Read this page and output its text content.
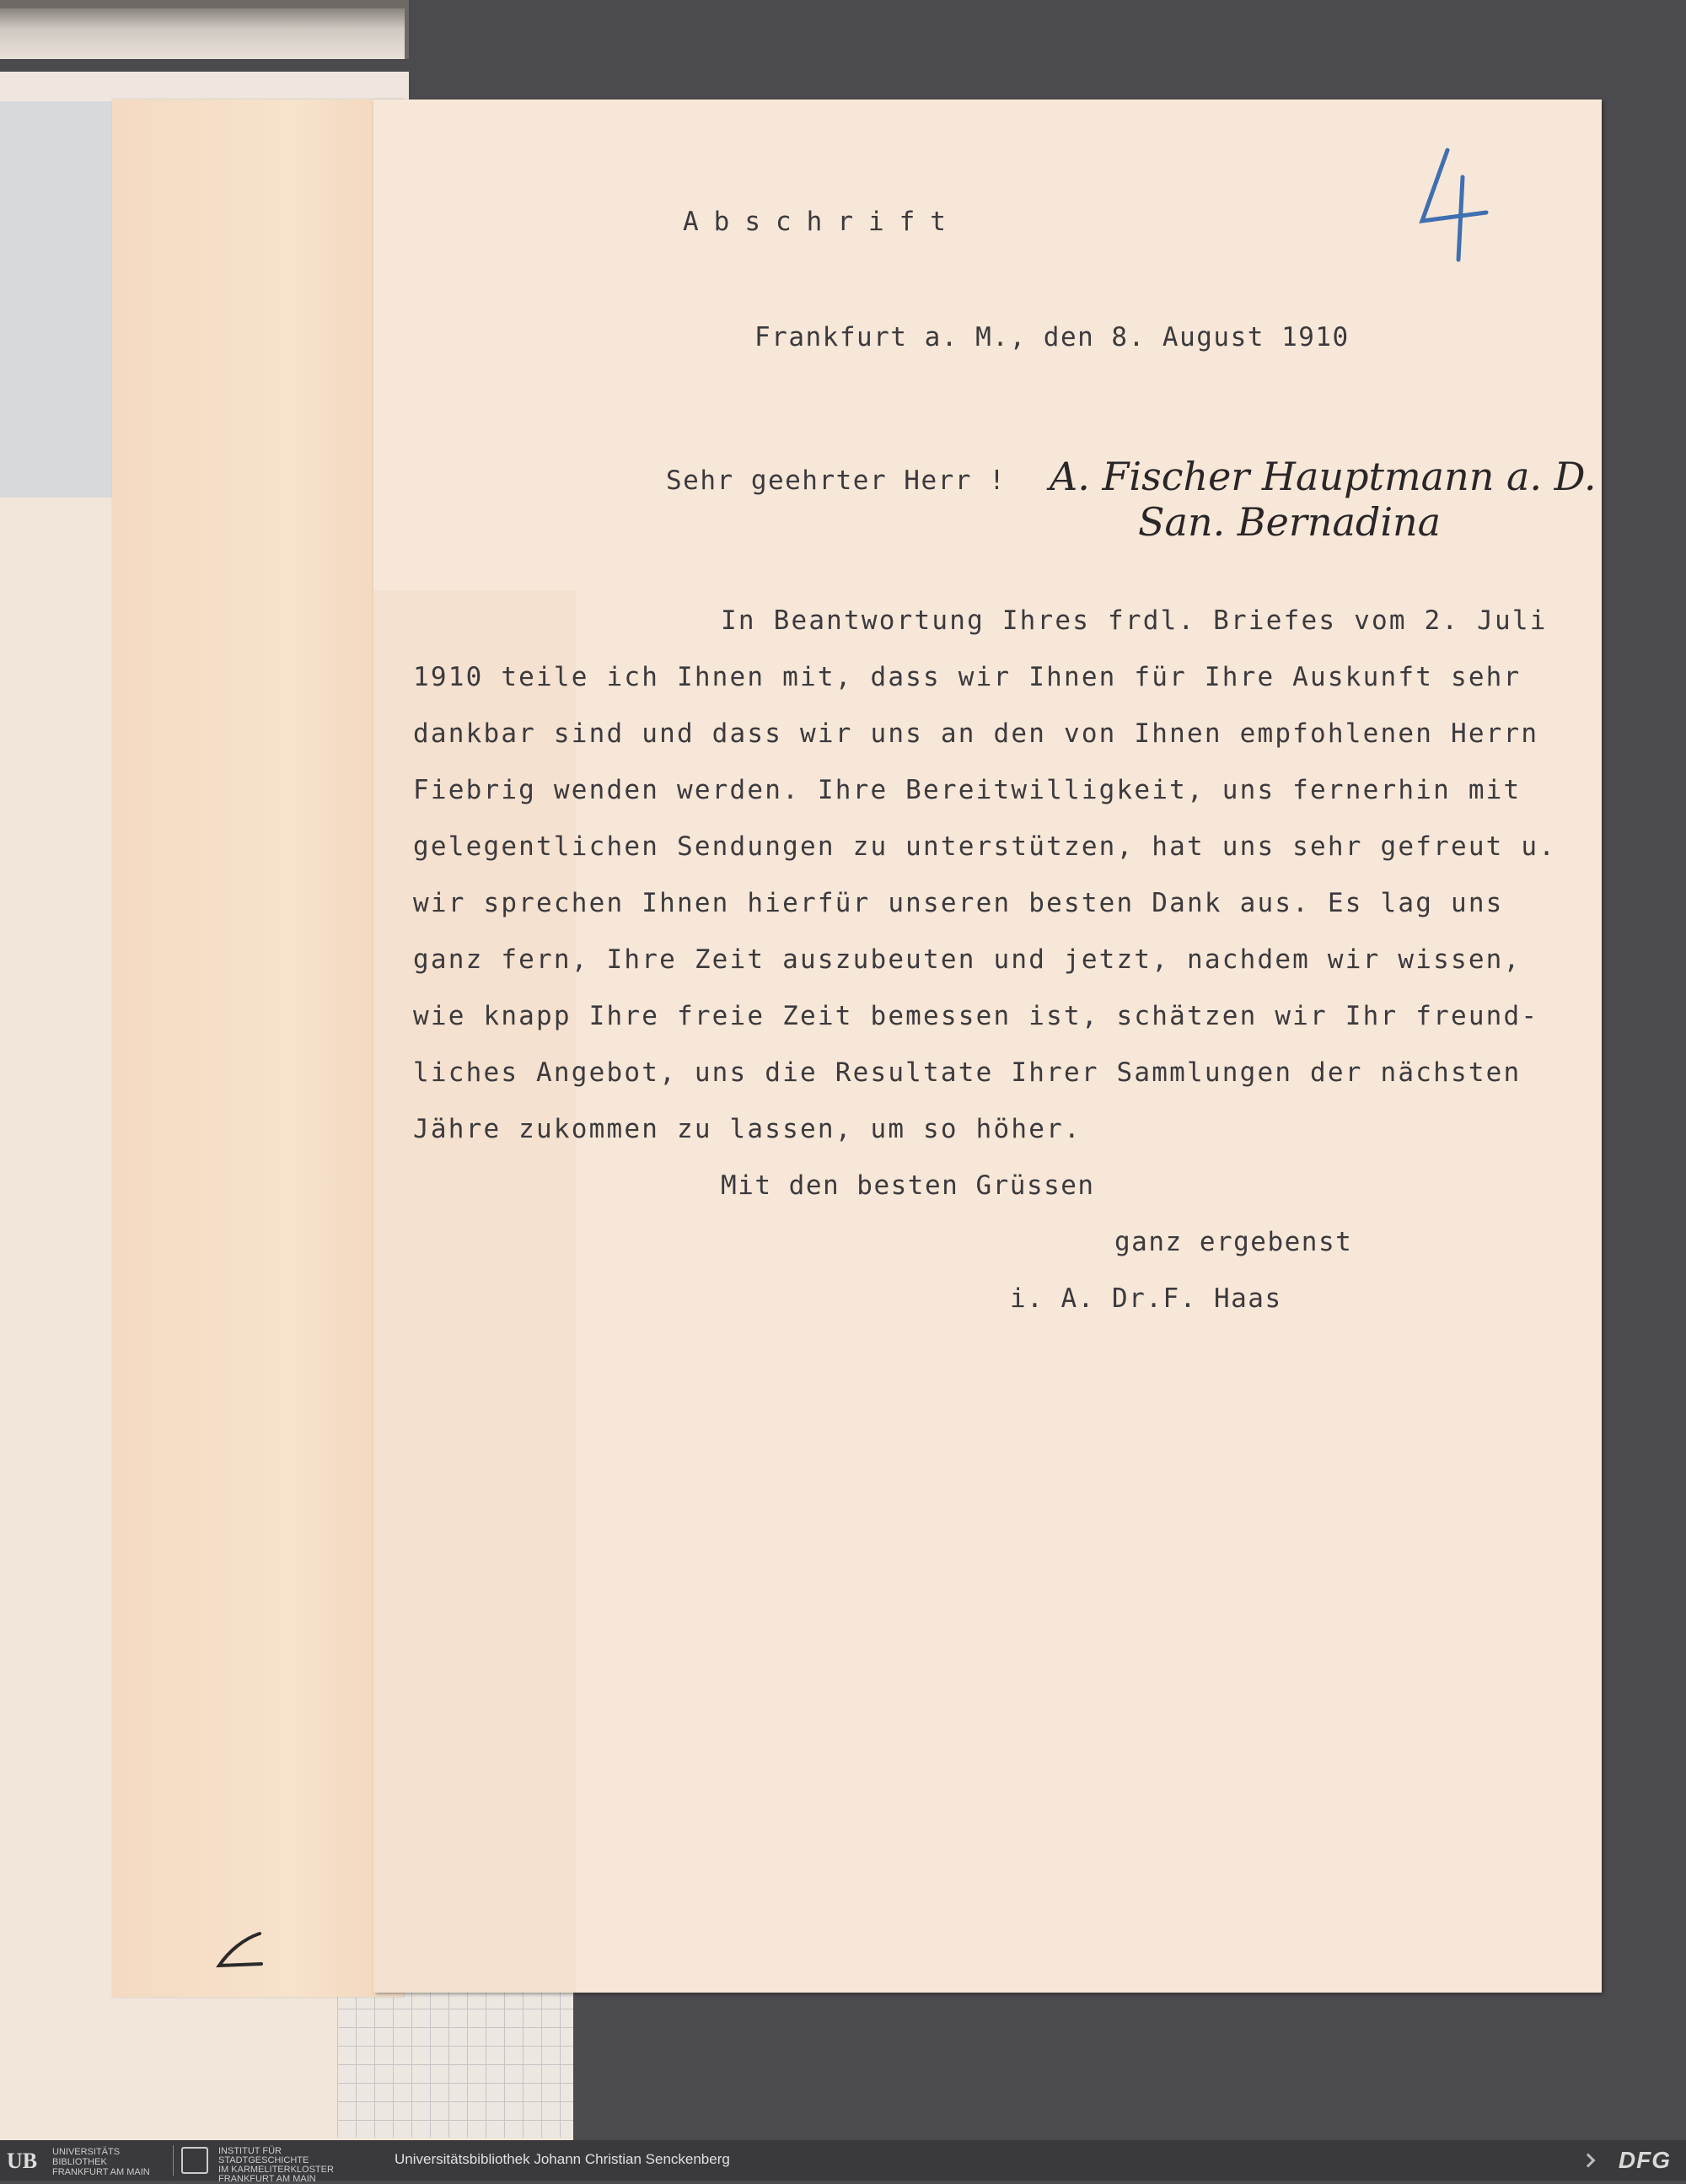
Abschrift
Frankfurt a. M., den 8. August 1910
Sehr geehrter Herr ! A. Fischer Hauptmann a. D.
San. Bernadina
In Beantwortung Ihres frdl. Briefes vom 2. Juli
1910 teile ich Ihnen mit, dass wir Ihnen für Ihre Auskunft sehr
dankbar sind und dass wir uns an den von Ihnen empfohlenen Herrn
Fiebrig wenden werden. Ihre Bereitwilligkeit, uns fernerhin mit
gelegentlichen Sendungen zu unterstützen, hat uns sehr gefreut u.
wir sprechen Ihnen hierfür unseren besten Dank aus. Es lag uns
ganz fern, Ihre Zeit auszubeuten und jetzt, nachdem wir wissen,
wie knapp Ihre freie Zeit bemessen ist, schätzen wir Ihr freund-
liches Angebot, uns die Resultate Ihrer Sammlungen der nächsten
Jähre zukommen zu lassen, um so höher.
Mit den besten Grüssen
ganz ergebenst
i. A. Dr.F. Haas
UB UNIVERSITÄTS
BIBLIOTHEK
FRANKFURT AM MAIN
INSTITUT FÜR
STADTGESCHICHTE
IM KARMELITERKLOSTER
FRANKFURT AM MAIN
Universitätsbibliothek Johann Christian Senckenberg	DFG
